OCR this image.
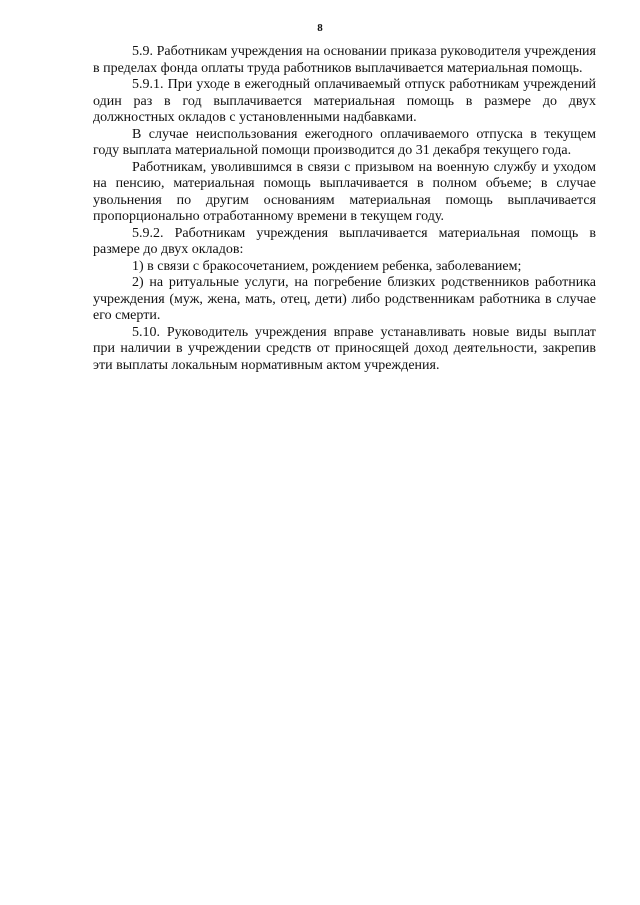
8

5.9. Работникам учреждения на основании приказа руководителя учреждения в пределах фонда оплаты труда работников выплачивается материальная помощь.

5.9.1. При уходе в ежегодный оплачиваемый отпуск работникам учреждений один раз в год выплачивается материальная помощь в размере до двух должностных окладов с установленными надбавками.

В случае неиспользования ежегодного оплачиваемого отпуска в текущем году выплата материальной помощи производится до 31 декабря текущего года.

Работникам, уволившимся в связи с призывом на военную службу и уходом на пенсию, материальная помощь выплачивается в полном объеме; в случае увольнения по другим основаниям материальная помощь выплачивается пропорционально отработанному времени в текущем году.

5.9.2. Работникам учреждения выплачивается материальная помощь в размере до двух окладов:

1) в связи с бракосочетанием, рождением ребенка, заболеванием;

2) на ритуальные услуги, на погребение близких родственников работника учреждения (муж, жена, мать, отец, дети) либо родственникам работника в случае его смерти.

5.10. Руководитель учреждения вправе устанавливать новые виды выплат при наличии в учреждении средств от приносящей доход деятельности, закрепив эти выплаты локальным нормативным актом учреждения.
